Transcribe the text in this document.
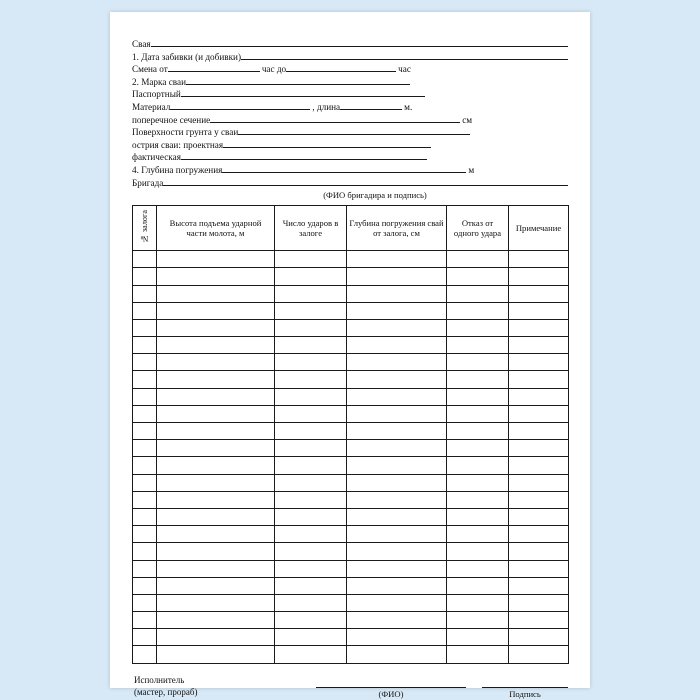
Свая
1. Дата забивки (и добивки)
Смена от	час до	час
2. Марка сваи
Паспортный
Материал	, длина	м.
поперечное сечение	см
Поверхности грунта у сваи
острия сваи: проектная
фактическая
4. Глубина погружения	м
Бригада
(ФИО бригадира и подпись)
№ залога	Высота подъема ударной части молота, м	Число ударов в залоге	Глубина погружения свай от залога, см	Отказ от одного удара	Примечание

Исполнитель
(мастер, прораб)	(ФИО)	Подпись
